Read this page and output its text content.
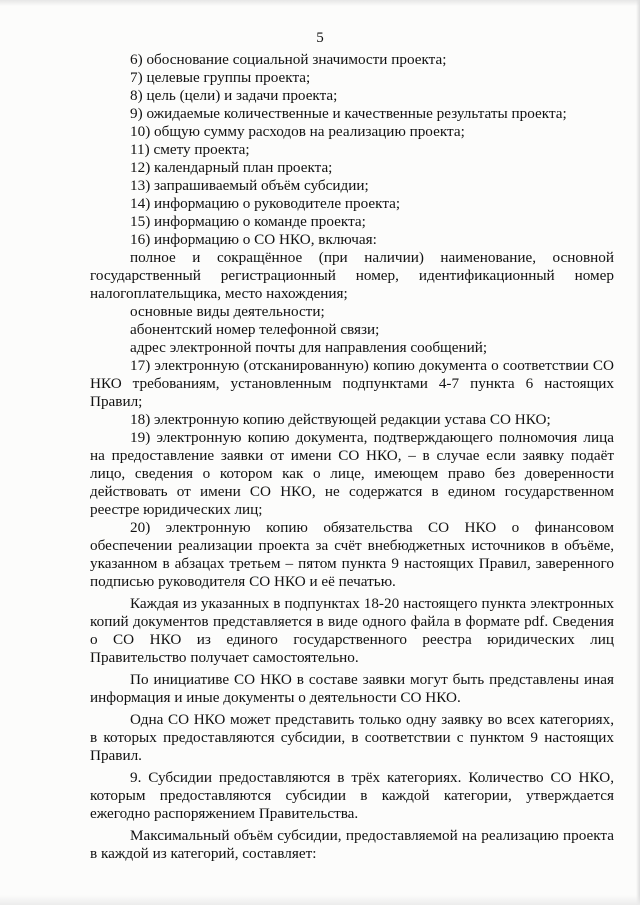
5

6) обоснование социальной значимости проекта;

7) целевые группы проекта;

8) цель (цели) и задачи проекта;

9) ожидаемые количественные и качественные результаты проекта;

10) общую сумму расходов на реализацию проекта;

11) смету проекта;

12) календарный план проекта;

13) запрашиваемый объём субсидии;

14) информацию о руководителе проекта;

15) информацию о команде проекта;

16) информацию о СО НКО, включая:

полное и сокращённое (при наличии) наименование, основной государственный регистрационный номер, идентификационный номер налогоплательщика, место нахождения;

основные виды деятельности;

абонентский номер телефонной связи;

адрес электронной почты для направления сообщений;

17) электронную (отсканированную) копию документа о соответствии СО НКО требованиям, установленным подпунктами 4-7 пункта 6 настоящих Правил;

18) электронную копию действующей редакции устава СО НКО;

19) электронную копию документа, подтверждающего полномочия лица на предоставление заявки от имени СО НКО, – в случае если заявку подаёт лицо, сведения о котором как о лице, имеющем право без доверенности действовать от имени СО НКО, не содержатся в едином государственном реестре юридических лиц;

20) электронную копию обязательства СО НКО о финансовом обеспечении реализации проекта за счёт внебюджетных источников в объёме, указанном в абзацах третьем – пятом пункта 9 настоящих Правил, заверенного подписью руководителя СО НКО и её печатью.

Каждая из указанных в подпунктах 18-20 настоящего пункта электронных копий документов представляется в виде одного файла в формате pdf. Сведения о СО НКО из единого государственного реестра юридических лиц Правительство получает самостоятельно.

По инициативе СО НКО в составе заявки могут быть представлены иная информация и иные документы о деятельности СО НКО.

Одна СО НКО может представить только одну заявку во всех категориях, в которых предоставляются субсидии, в соответствии с пунктом 9 настоящих Правил.

9. Субсидии предоставляются в трёх категориях. Количество СО НКО, которым предоставляются субсидии в каждой категории, утверждается ежегодно распоряжением Правительства.

Максимальный объём субсидии, предоставляемой на реализацию проекта в каждой из категорий, составляет:
